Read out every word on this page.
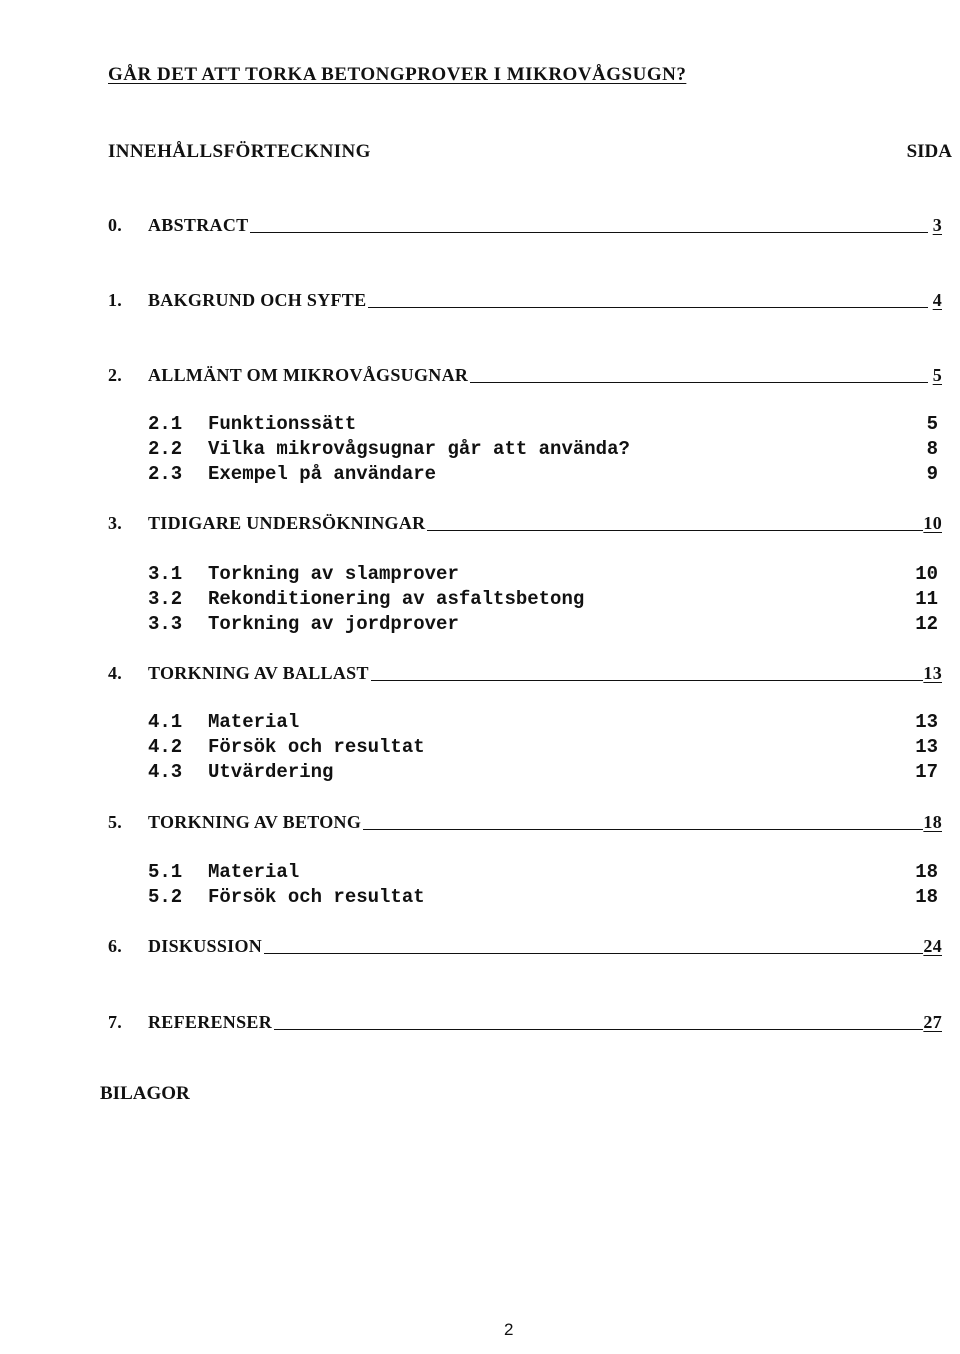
GÅR DET ATT TORKA BETONGPROVER I MIKROVÅGSUGN?
INNEHÅLLSFÖRTECKNING	SIDA
0.	ABSTRACT	3
1.	BAKGRUND OCH SYFTE	4
2.	ALLMÄNT OM MIKROVÅGSUGNAR	5
2.1	Funktionssätt	5
2.2	Vilka mikrovågsugnar går att använda?	8
2.3	Exempel på användare	9
3.	TIDIGARE UNDERSÖKNINGAR	10
3.1	Torkning av slamprover	10
3.2	Rekonditionering av asfaltsbetong	11
3.3	Torkning av jordprover	12
4.	TORKNING AV BALLAST	13
4.1	Material	13
4.2	Försök och resultat	13
4.3	Utvärdering	17
5.	TORKNING AV BETONG	18
5.1	Material	18
5.2	Försök och resultat	18
6.	DISKUSSION	24
7.	REFERENSER	27
BILAGOR
2
